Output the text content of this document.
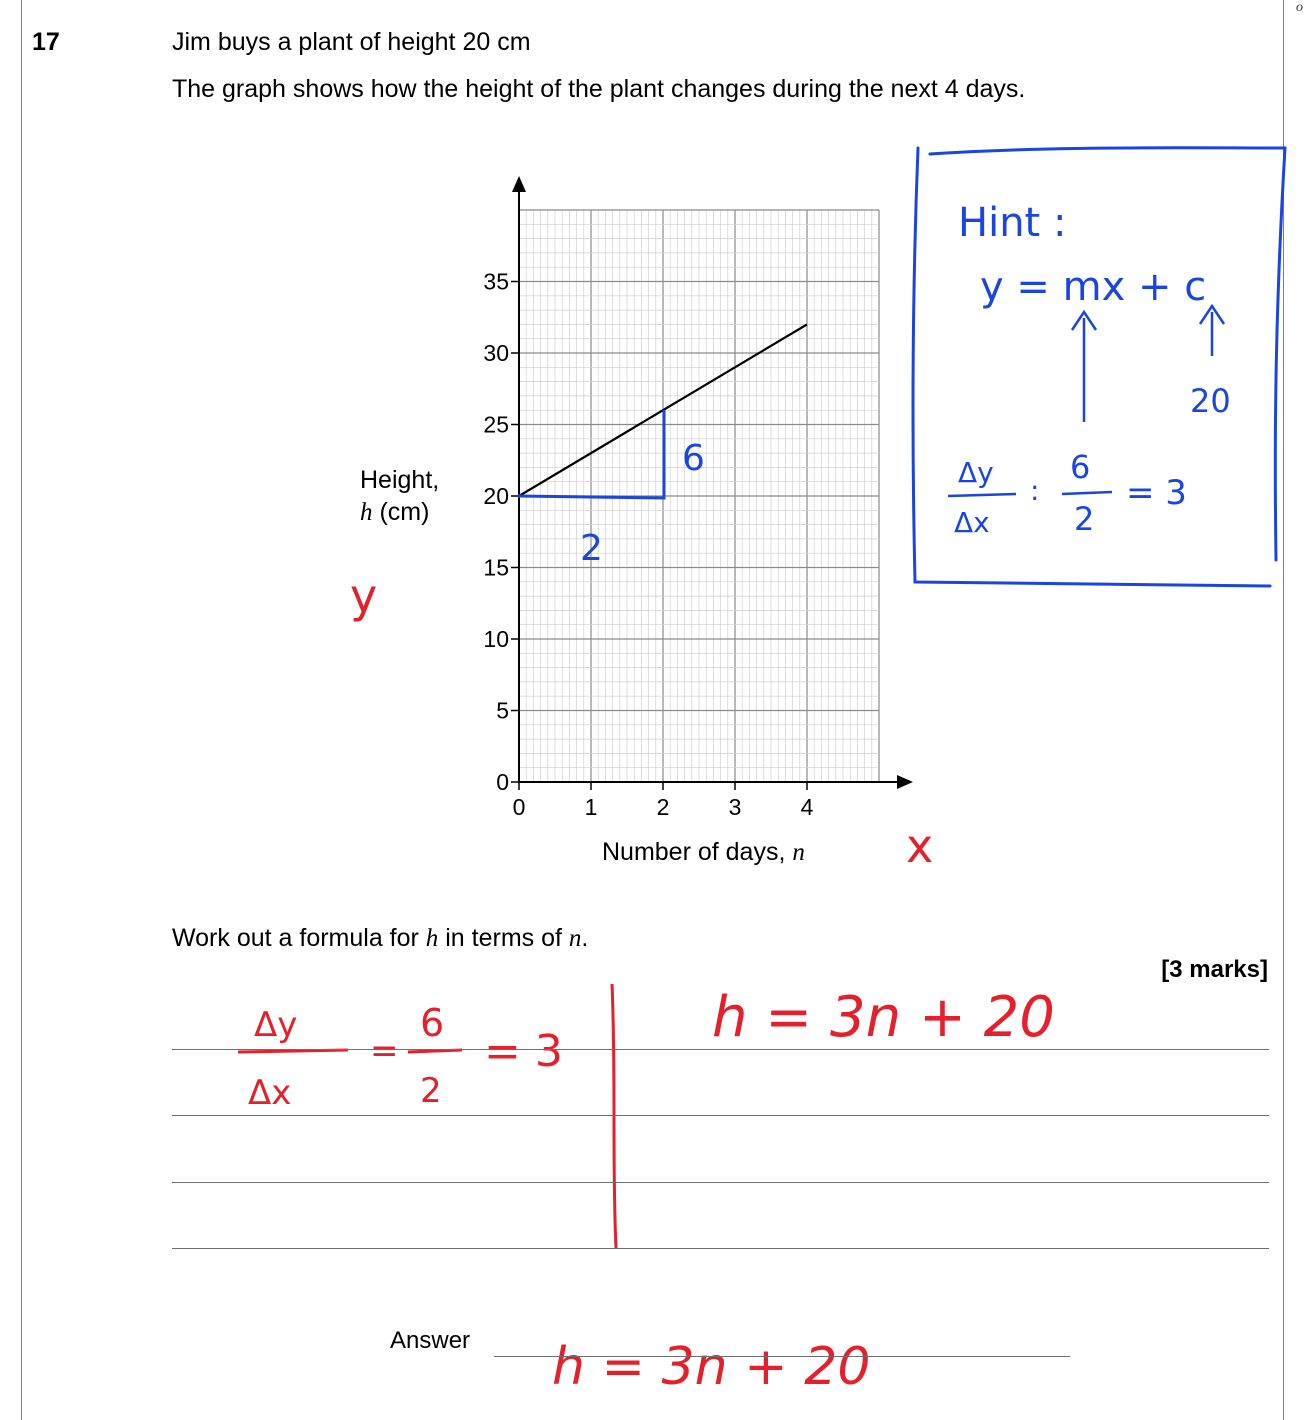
o
17	Jim buys a plant of height 20 cm
The graph shows how the height of the plant changes during the next 4 days.
Height,
h (cm)
Number of days, n
0
5
10
15
20
25
30
35
0	1	2	3	4
Hint :
y = mx + c
20
Δy
Δx
:
6
2
= 3
2
6
y
x
Δy
Δx
=
6
2
= 3
h = 3n + 20
h = 3n + 20
Work out a formula for h in terms of n.
[3 marks]
Answer
